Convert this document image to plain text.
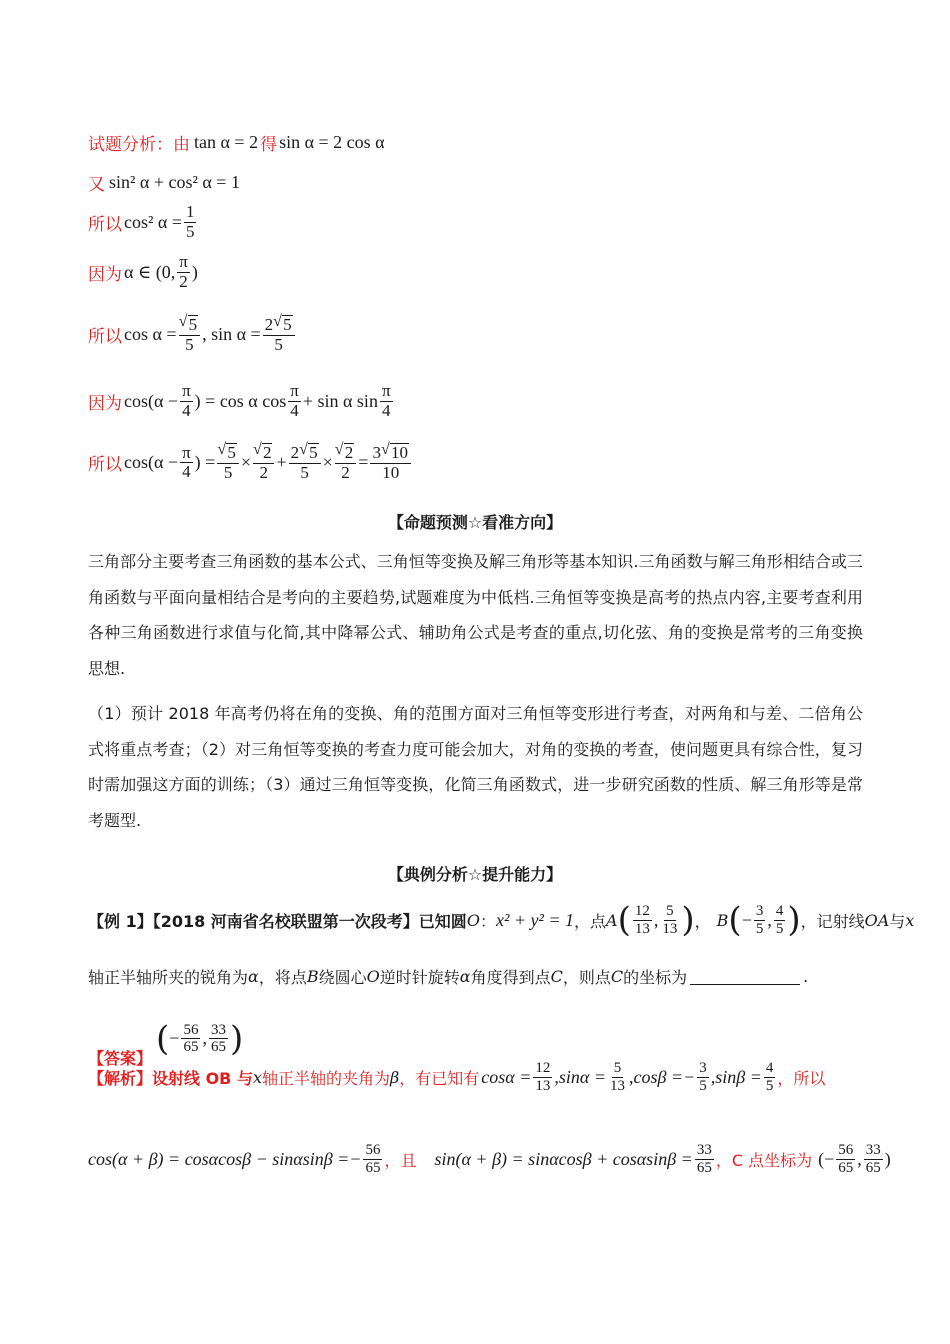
试题分析：由 tan α = 2 得 sin α = 2 cos α
又 sin² α + cos² α = 1
所以 cos² $\alpha = \frac{1}{5}$
因为 α ∈ (0, $\frac{\pi}{2}$ )
所以 cos α = √ $\frac{5}{5}$ , $\sin \alpha = \frac{2 √ 5}{5}$
因为 $\cos(\alpha - \frac{\pi}{4}$ ) = cos α $\cos \frac{\pi}{4} + \sin \alpha$ $\sin \frac{\pi}{4}$
所以 $\cos(\alpha - \frac{\pi}{4}$ ) = √ $\frac{5}{5}$ × √ $\frac{2}{2} + \frac{2 √ 5}{5}$ × √ $\frac{2}{2} = \frac{3 √ 10}{10}$
【命题预测☆看准方向】
三角部分主要考查三角函数的基本公式、三角恒等变换及解三角形等基本知识.三角函数与解三角形相结合或三角函数与平面向量相结合是考向的主要趋势,试题难度为中低档.三角恒等变换是高考的热点内容,主要考查利用各种三角函数进行求值与化简,其中降幂公式、辅助角公式是考查的重点,切化弦、角的变换是常考的三角变换思想.
（1）预计 2018 年高考仍将在角的变换、角的范围方面对三角恒等变形进行考查，对两角和与差、二倍角公式将重点考查；（2）对三角恒等变换的考查力度可能会加大，对角的变换的考查，使问题更具有综合性，复习时需加强这方面的训练；（3）通过三角恒等变换，化简三角函数式，进一步研究函数的性质、解三角形等是常考题型.
【典例分析☆提升能力】
【例 1】【2018 河南省名校联盟第一次段考】已知圆 O ： x² + y² = 1 ，点 A ( $\frac{12}{13}$ , $\frac{5}{13}$ ) ， B ( − $\frac{3}{5}$ , $\frac{4}{5}$ ) ，记射线 OA 与 x
轴正半轴所夹的锐角为 α ，将点 B 绕圆心 O 逆时针旋转 α 角度得到点 C ，则点 C 的坐标为	.
【答案】 ( − $\frac{56}{65}$ , $\frac{33}{65}$ )
【解析】设射线 OB 与 x 轴正半轴的夹角为 β ，有已知有 $\cos\alpha = \frac{12}{13} ,\sin\alpha = \frac{5}{13} ,\cos\beta =- \frac{3}{5} ,\sin\beta = \frac{4}{5}$ ，所以
$\cos(\alpha + \beta) = \cos\alpha\cos\beta - \sin\alpha\sin\beta =- \frac{56}{65}$ ，且 $\sin(\alpha + \beta) = \sin\alpha\cos\beta + \cos\alpha\sin\beta = \frac{33}{65}$ ，C 点坐标为 (− $\frac{56}{65}$ , $\frac{33}{65}$ )
